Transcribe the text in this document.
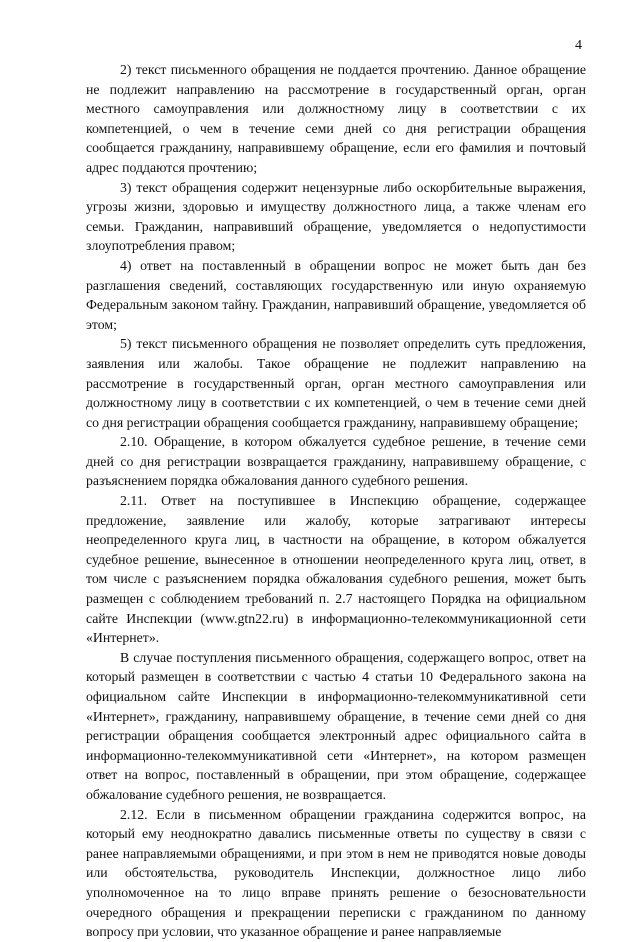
4

2) текст письменного обращения не поддается прочтению. Данное обращение не подлежит направлению на рассмотрение в государственный орган, орган местного самоуправления или должностному лицу в соответствии с их компетенцией, о чем в течение семи дней со дня регистрации обращения сообщается гражданину, направившему обращение, если его фамилия и почтовый адрес поддаются прочтению;

3) текст обращения содержит нецензурные либо оскорбительные выражения, угрозы жизни, здоровью и имуществу должностного лица, а также членам его семьи. Гражданин, направивший обращение, уведомляется о недопустимости злоупотребления правом;

4) ответ на поставленный в обращении вопрос не может быть дан без разглашения сведений, составляющих государственную или иную охраняемую Федеральным законом тайну. Гражданин, направивший обращение, уведомляется об этом;

5) текст письменного обращения не позволяет определить суть предложения, заявления или жалобы. Такое обращение не подлежит направлению на рассмотрение в государственный орган, орган местного самоуправления или должностному лицу в соответствии с их компетенцией, о чем в течение семи дней со дня регистрации обращения сообщается гражданину, направившему обращение;

2.10. Обращение, в котором обжалуется судебное решение, в течение семи дней со дня регистрации возвращается гражданину, направившему обращение, с разъяснением порядка обжалования данного судебного решения.

2.11. Ответ на поступившее в Инспекцию обращение, содержащее предложение, заявление или жалобу, которые затрагивают интересы неопределенного круга лиц, в частности на обращение, в котором обжалуется судебное решение, вынесенное в отношении неопределенного круга лиц, ответ, в том числе с разъяснением порядка обжалования судебного решения, может быть размещен с соблюдением требований п. 2.7 настоящего Порядка на официальном сайте Инспекции (www.gtn22.ru) в информационно-телекоммуникационной сети «Интернет».

В случае поступления письменного обращения, содержащего вопрос, ответ на который размещен в соответствии с частью 4 статьи 10 Федерального закона на официальном сайте Инспекции в информационно-телекоммуникативной сети «Интернет», гражданину, направившему обращение, в течение семи дней со дня регистрации обращения сообщается электронный адрес официального сайта в информационно-телекоммуникативной сети «Интернет», на котором размещен ответ на вопрос, поставленный в обращении, при этом обращение, содержащее обжалование судебного решения, не возвращается.

2.12. Если в письменном обращении гражданина содержится вопрос, на который ему неоднократно давались письменные ответы по существу в связи с ранее направляемыми обращениями, и при этом в нем не приводятся новые доводы или обстоятельства, руководитель Инспекции, должностное лицо либо уполномоченное на то лицо вправе принять решение о безосновательности очередного обращения и прекращении переписки с гражданином по данному вопросу при условии, что указанное обращение и ранее направляемые
